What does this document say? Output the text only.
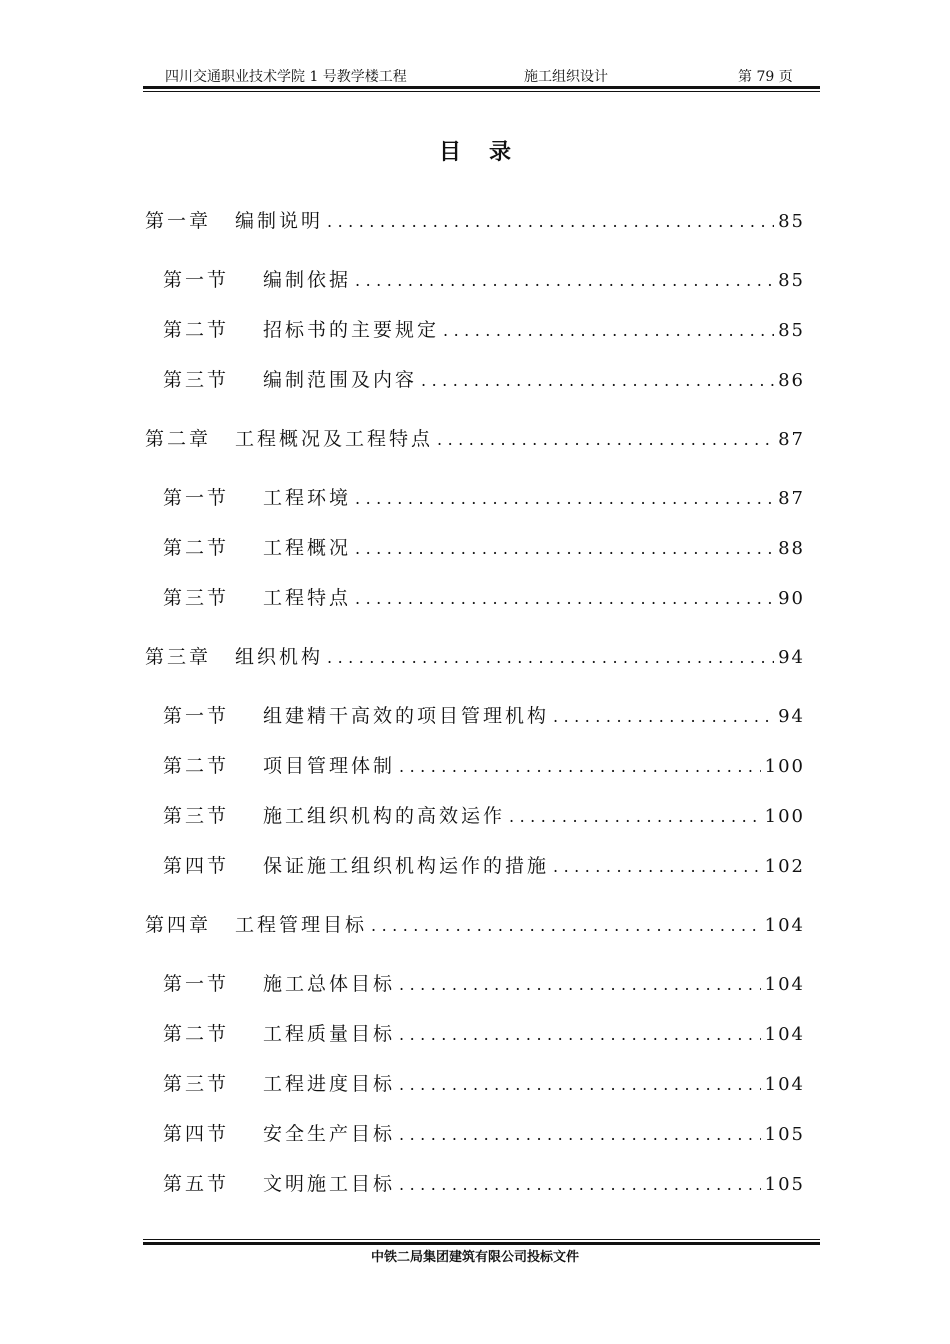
四川交通职业技术学院 1 号教学楼工程	施工组织设计	第 79 页
目录
第一章	编制说明 . . .	85
第一节	编制依据 . . .	85
第二节	招标书的主要规定 . . .	85
第三节	编制范围及内容 . . .	86
第二章	工程概况及工程特点 . . .	87
第一节	工程环境 . . .	87
第二节	工程概况 . . .	88
第三节	工程特点 . . .	90
第三章	组织机构 . . .	94
第一节	组建精干高效的项目管理机构 . . .	94
第二节	项目管理体制 . . .	100
第三节	施工组织机构的高效运作 . . .	100
第四节	保证施工组织机构运作的措施 . . .	102
第四章	工程管理目标 . . .	104
第一节	施工总体目标 . . .	104
第二节	工程质量目标 . . .	104
第三节	工程进度目标 . . .	104
第四节	安全生产目标 . . .	105
第五节	文明施工目标 . . .	105
中铁二局集团建筑有限公司投标文件
